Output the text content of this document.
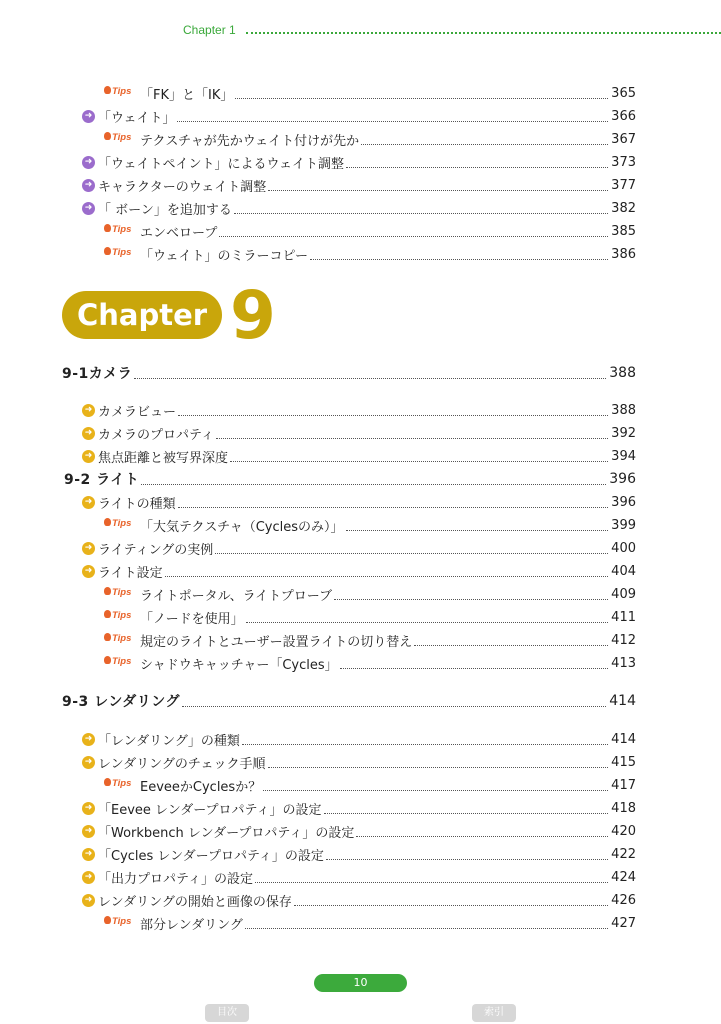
Chapter 1
Tips 「FK」と「IK」	365
➜ 「ウェイト」	366
Tips テクスチャが先かウェイト付けが先か	367
➜ 「ウェイトペイント」によるウェイト調整	373
➜ キャラクターのウェイト調整	377
➜ 「 ボーン」を追加する	382
Tips エンベロープ	385
Tips 「ウェイト」のミラーコピー	386
Chapter 9
9-1カメラ	388
➜ カメラビュー	388
➜ カメラのプロパティ	392
➜ 焦点距離と被写界深度	394
9-2 ライト	396
➜ ライトの種類	396
Tips 「大気テクスチャ（Cyclesのみ）」	399
➜ ライティングの実例	400
➜ ライト設定	404
Tips ライトポータル、ライトプローブ	409
Tips 「ノードを使用」	411
Tips 規定のライトとユーザー設置ライトの切り替え	412
Tips シャドウキャッチャー「Cycles」	413
9-3 レンダリング	414
➜ 「レンダリング」の種類	414
➜ レンダリングのチェック手順	415
Tips EeveeかCyclesか？	417
➜ 「Eevee レンダープロパティ」の設定	418
➜ 「Workbench レンダープロパティ」の設定	420
➜ 「Cycles レンダープロパティ」の設定	422
➜ 「出力プロパティ」の設定	424
➜ レンダリングの開始と画像の保存	426
Tips 部分レンダリング	427
10
目次	索引
